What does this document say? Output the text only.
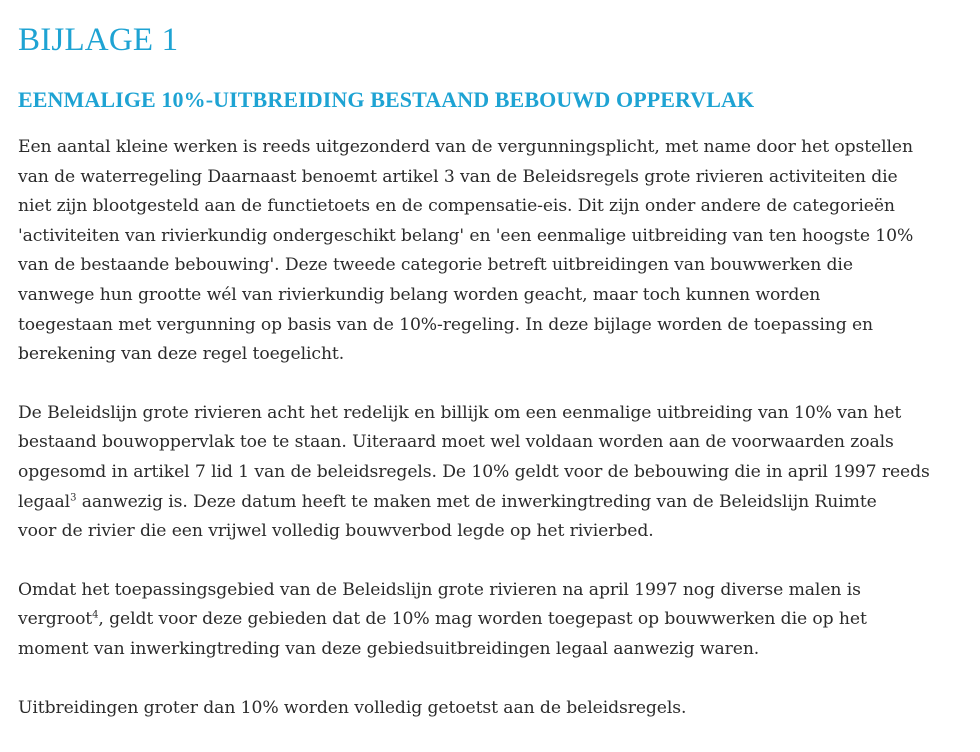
BIJLAGE 1
EENMALIGE 10%-UITBREIDING BESTAAND BEBOUWD OPPERVLAK

Een aantal kleine werken is reeds uitgezonderd van de vergunningsplicht, met name door het opstellen
van de waterregeling Daarnaast benoemt artikel 3 van de Beleidsregels grote rivieren activiteiten die
niet zijn blootgesteld aan de functietoets en de compensatie-eis. Dit zijn onder andere de categorieën
'activiteiten van rivierkundig ondergeschikt belang' en 'een eenmalige uitbreiding van ten hoogste 10%
van de bestaande bebouwing'. Deze tweede categorie betreft uitbreidingen van bouwwerken die
vanwege hun grootte wél van rivierkundig belang worden geacht, maar toch kunnen worden
toegestaan met vergunning op basis van de 10%-regeling. In deze bijlage worden de toepassing en
berekening van deze regel toegelicht.

De Beleidslijn grote rivieren acht het redelijk en billijk om een eenmalige uitbreiding van 10% van het
bestaand bouwoppervlak toe te staan. Uiteraard moet wel voldaan worden aan de voorwaarden zoals
opgesomd in artikel 7 lid 1 van de beleidsregels. De 10% geldt voor de bebouwing die in april 1997 reeds
legaal$^3$ aanwezig is. Deze datum heeft te maken met de inwerkingtreding van de Beleidslijn Ruimte
voor de rivier die een vrijwel volledig bouwverbod legde op het rivierbed.

Omdat het toepassingsgebied van de Beleidslijn grote rivieren na april 1997 nog diverse malen is
vergroot$^4$, geldt voor deze gebieden dat de 10% mag worden toegepast op bouwwerken die op het
moment van inwerkingtreding van deze gebiedsuitbreidingen legaal aanwezig waren.

Uitbreidingen groter dan 10% worden volledig getoetst aan de beleidsregels.
